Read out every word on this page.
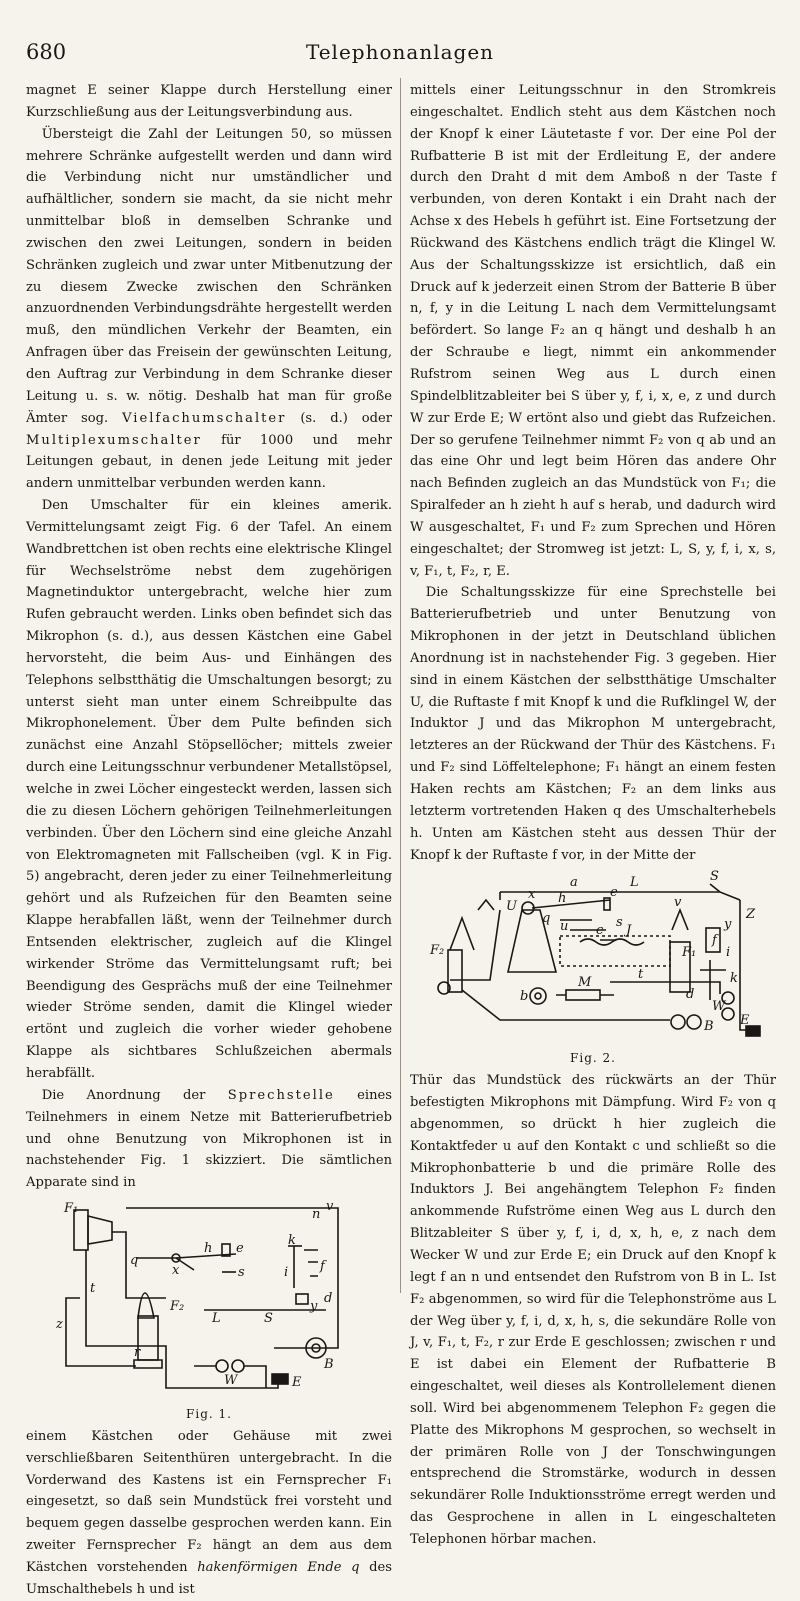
680	Telephonanlagen

magnet E seiner Klappe durch Herstellung einer Kurzschließung aus der Leitungsverbindung aus.

Übersteigt die Zahl der Leitungen 50, so müssen mehrere Schränke aufgestellt werden und dann wird die Verbindung nicht nur umständlicher und aufhältlicher, sondern sie macht, da sie nicht mehr unmittelbar bloß in demselben Schranke und zwischen den zwei Leitungen, sondern in beiden Schränken zugleich und zwar unter Mitbenutzung der zu diesem Zwecke zwischen den Schränken anzuordnenden Verbindungsdrähte hergestellt werden muß, den mündlichen Verkehr der Beamten, ein Anfragen über das Freisein der gewünschten Leitung, den Auftrag zur Verbindung in dem Schranke dieser Leitung u. s. w. nötig. Deshalb hat man für große Ämter sog. Vielfachumschalter (s. d.) oder Multiplexumschalter für 1000 und mehr Leitungen gebaut, in denen jede Leitung mit jeder andern unmittelbar verbunden werden kann.

Den Umschalter für ein kleines amerik. Vermittelungsamt zeigt Fig. 6 der Tafel. An einem Wandbrettchen ist oben rechts eine elektrische Klingel für Wechselströme nebst dem zugehörigen Magnetinduktor untergebracht, welche hier zum Rufen gebraucht werden. Links oben befindet sich das Mikrophon (s. d.), aus dessen Kästchen eine Gabel hervorsteht, die beim Aus- und Einhängen des Telephons selbstthätig die Umschaltungen besorgt; zu unterst sieht man unter einem Schreibpulte das Mikrophonelement. Über dem Pulte befinden sich zunächst eine Anzahl Stöpsellöcher; mittels zweier durch eine Leitungsschnur verbundener Metallstöpsel, welche in zwei Löcher eingesteckt werden, lassen sich die zu diesen Löchern gehörigen Teilnehmerleitungen verbinden. Über den Löchern sind eine gleiche Anzahl von Elektromagneten mit Fallscheiben (vgl. K in Fig. 5) angebracht, deren jeder zu einer Teilnehmerleitung gehört und als Rufzeichen für den Beamten seine Klappe herabfallen läßt, wenn der Teilnehmer durch Entsenden elektrischer, zugleich auf die Klingel wirkender Ströme das Vermittelungsamt ruft; bei Beendigung des Gesprächs muß der eine Teilnehmer wieder Ströme senden, damit die Klingel wieder ertönt und zugleich die vorher wieder gehobene Klappe als sichtbares Schlußzeichen abermals herabfällt.

Die Anordnung der Sprechstelle eines Teilnehmers in einem Netze mit Batterierufbetrieb und ohne Benutzung von Mikrophonen ist in nachstehender Fig. 1 skizziert. Die sämtlichen Apparate sind in

F₁	n
q
h e
s
k
i f
d
F₂
L	S
y
B
W	E
z
t
v
r
x
Fig. 1.

einem Kästchen oder Gehäuse mit zwei verschließbaren Seitenthüren untergebracht. In die Vorderwand des Kastens ist ein Fernsprecher F₁ eingesetzt, so daß sein Mundstück frei vorsteht und bequem gegen dasselbe gesprochen werden kann. Ein zweiter Fernsprecher F₂ hängt an dem aus dem Kästchen vorstehenden hakenförmigen Ende q des Umschalthebels h und ist

mittels einer Leitungsschnur in den Stromkreis eingeschaltet. Endlich steht aus dem Kästchen noch der Knopf k einer Läutetaste f vor. Der eine Pol der Rufbatterie B ist mit der Erdleitung E, der andere durch den Draht d mit dem Amboß n der Taste f verbunden, von deren Kontakt i ein Draht nach der Achse x des Hebels h geführt ist. Eine Fortsetzung der Rückwand des Kästchens endlich trägt die Klingel W. Aus der Schaltungsskizze ist ersichtlich, daß ein Druck auf k jederzeit einen Strom der Batterie B über n, f, y in die Leitung L nach dem Vermittelungsamt befördert. So lange F₂ an q hängt und deshalb h an der Schraube e liegt, nimmt ein ankommender Rufstrom seinen Weg aus L durch einen Spindelblitzableiter bei S über y, f, i, x, e, z und durch W zur Erde E; W ertönt also und giebt das Rufzeichen. Der so gerufene Teilnehmer nimmt F₂ von q ab und an das eine Ohr und legt beim Hören das andere Ohr nach Befinden zugleich an das Mundstück von F₁; die Spiralfeder an h zieht h auf s herab, und dadurch wird W ausgeschaltet, F₁ und F₂ zum Sprechen und Hören eingeschaltet; der Stromweg ist jetzt: L, S, y, f, i, x, s, v, F₁, t, F₂, r, E.

Die Schaltungsskizze für eine Sprechstelle bei Batterierufbetrieb und unter Benutzung von Mikrophonen in der jetzt in Deutschland üblichen Anordnung ist in nachstehender Fig. 3 gegeben. Hier sind in einem Kästchen der selbstthätige Umschalter U, die Ruftaste f mit Knopf k und die Rufklingel W, der Induktor J und das Mikrophon M untergebracht, letzteres an der Rückwand der Thür des Kästchens. F₁ und F₂ sind Löffeltelephone; F₁ hängt an einem festen Haken rechts am Kästchen; F₂ an dem links aus letzterm vortretenden Haken q des Umschalterhebels h. Unten am Kästchen steht aus dessen Thür der Knopf k der Ruftaste f vor, in der Mitte der

a	L	S
U
x h	e
s
u c
q
J
F₁
F₂
v
b
M
t
y
Z
f
i
k
W
B E
d
Fig. 2.

Thür das Mundstück des rückwärts an der Thür befestigten Mikrophons mit Dämpfung. Wird F₂ von q abgenommen, so drückt h hier zugleich die Kontaktfeder u auf den Kontakt c und schließt so die Mikrophonbatterie b und die primäre Rolle des Induktors J. Bei angehängtem Telephon F₂ finden ankommende Rufströme einen Weg aus L durch den Blitzableiter S über y, f, i, d, x, h, e, z nach dem Wecker W und zur Erde E; ein Druck auf den Knopf k legt f an n und entsendet den Rufstrom von B in L. Ist F₂ abgenommen, so wird für die Telephonströme aus L der Weg über y, f, i, d, x, h, s, die sekundäre Rolle von J, v, F₁, t, F₂, r zur Erde E geschlossen; zwischen r und E ist dabei ein Element der Rufbatterie B eingeschaltet, weil dieses als Kontrollelement dienen soll. Wird bei abgenommenem Telephon F₂ gegen die Platte des Mikrophons M gesprochen, so wechselt in der primären Rolle von J der Tonschwingungen entsprechend die Stromstärke, wodurch in dessen sekundärer Rolle Induktionsströme erregt werden und das Gesprochene in allen in L eingeschalteten Telephonen hörbar machen.
